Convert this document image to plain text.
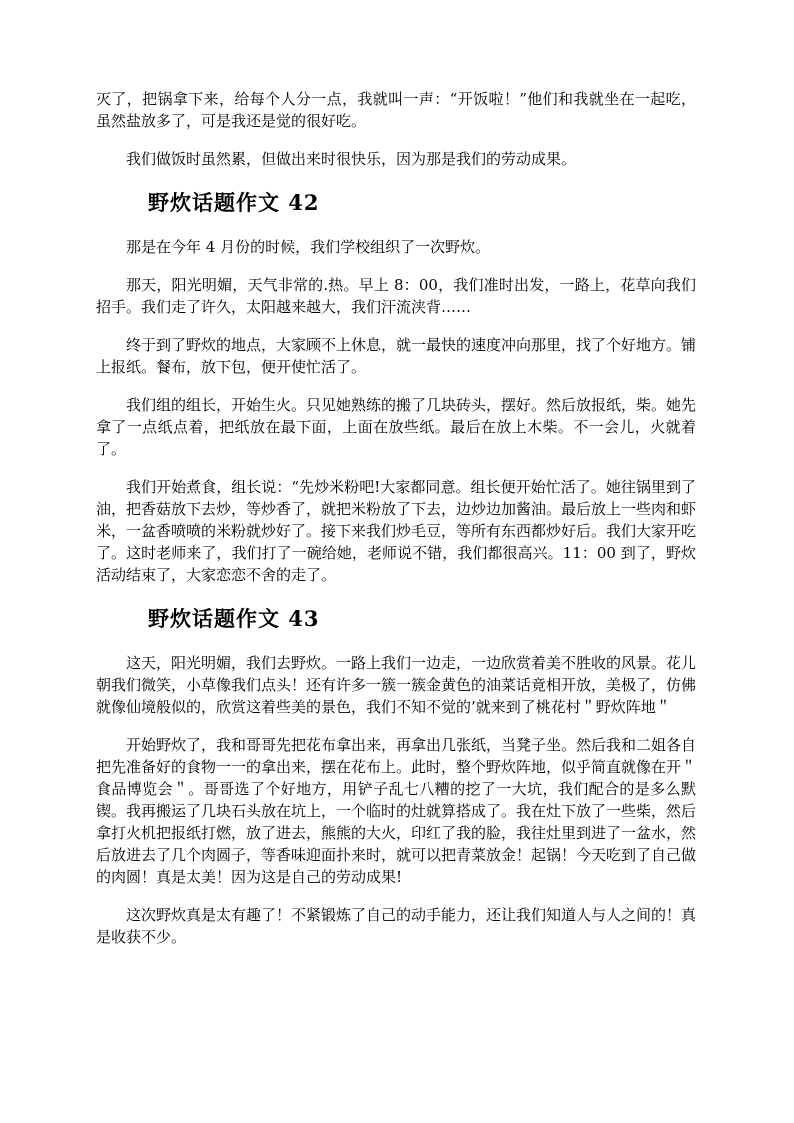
灭了，把锅拿下来，给每个人分一点，我就叫一声：“开饭啦！”他们和我就坐在一起吃，虽然盐放多了，可是我还是觉的很好吃。

我们做饭时虽然累，但做出来时很快乐，因为那是我们的劳动成果。

野炊话题作文 42

那是在今年 4 月份的时候，我们学校组织了一次野炊。

那天，阳光明媚，天气非常的.热。早上 8：00，我们准时出发，一路上，花草向我们招手。我们走了许久，太阳越来越大，我们汗流浃背……

终于到了野炊的地点，大家顾不上休息，就一最快的速度冲向那里，找了个好地方。铺上报纸。餐布，放下包，便开使忙活了。

我们组的组长，开始生火。只见她熟练的搬了几块砖头，摆好。然后放报纸，柴。她先拿了一点纸点着，把纸放在最下面，上面在放些纸。最后在放上木柴。不一会儿，火就着了。

我们开始煮食，组长说：“先炒米粉吧!大家都同意。组长便开始忙活了。她往锅里到了油，把香菇放下去炒，等炒香了，就把米粉放了下去，边炒边加酱油。最后放上一些肉和虾米，一盆香喷喷的米粉就炒好了。接下来我们炒毛豆，等所有东西都炒好后。我们大家开吃了。这时老师来了，我们打了一碗给她，老师说不错，我们都很高兴。11：00 到了，野炊活动结束了，大家恋恋不舍的走了。

野炊话题作文 43

这天，阳光明媚，我们去野炊。一路上我们一边走，一边欣赏着美不胜收的风景。花儿朝我们微笑，小草像我们点头！还有许多一簇一簇金黄色的油菜话竟相开放，美极了，仿佛就像仙境般似的，欣赏这着些美的景色，我们不知不觉的’就来到了桃花村＂野炊阵地＂

开始野炊了，我和哥哥先把花布拿出来，再拿出几张纸，当凳子坐。然后我和二姐各自把先准备好的食物一一的拿出来，摆在花布上。此时，整个野炊阵地，似乎简直就像在开＂食品博览会＂。哥哥选了个好地方，用铲子乱七八糟的挖了一大坑，我们配合的是多么默锲。我再搬运了几块石头放在坑上，一个临时的灶就算搭成了。我在灶下放了一些柴，然后拿打火机把报纸打燃，放了进去，熊熊的大火，印红了我的脸，我往灶里到进了一盆水，然后放进去了几个肉圆子，等香味迎面扑来时，就可以把青菜放金！起锅！今天吃到了自己做的肉圆！真是太美！因为这是自己的劳动成果!

这次野炊真是太有趣了！不紧锻炼了自己的动手能力，还让我们知道人与人之间的！真是收获不少。
